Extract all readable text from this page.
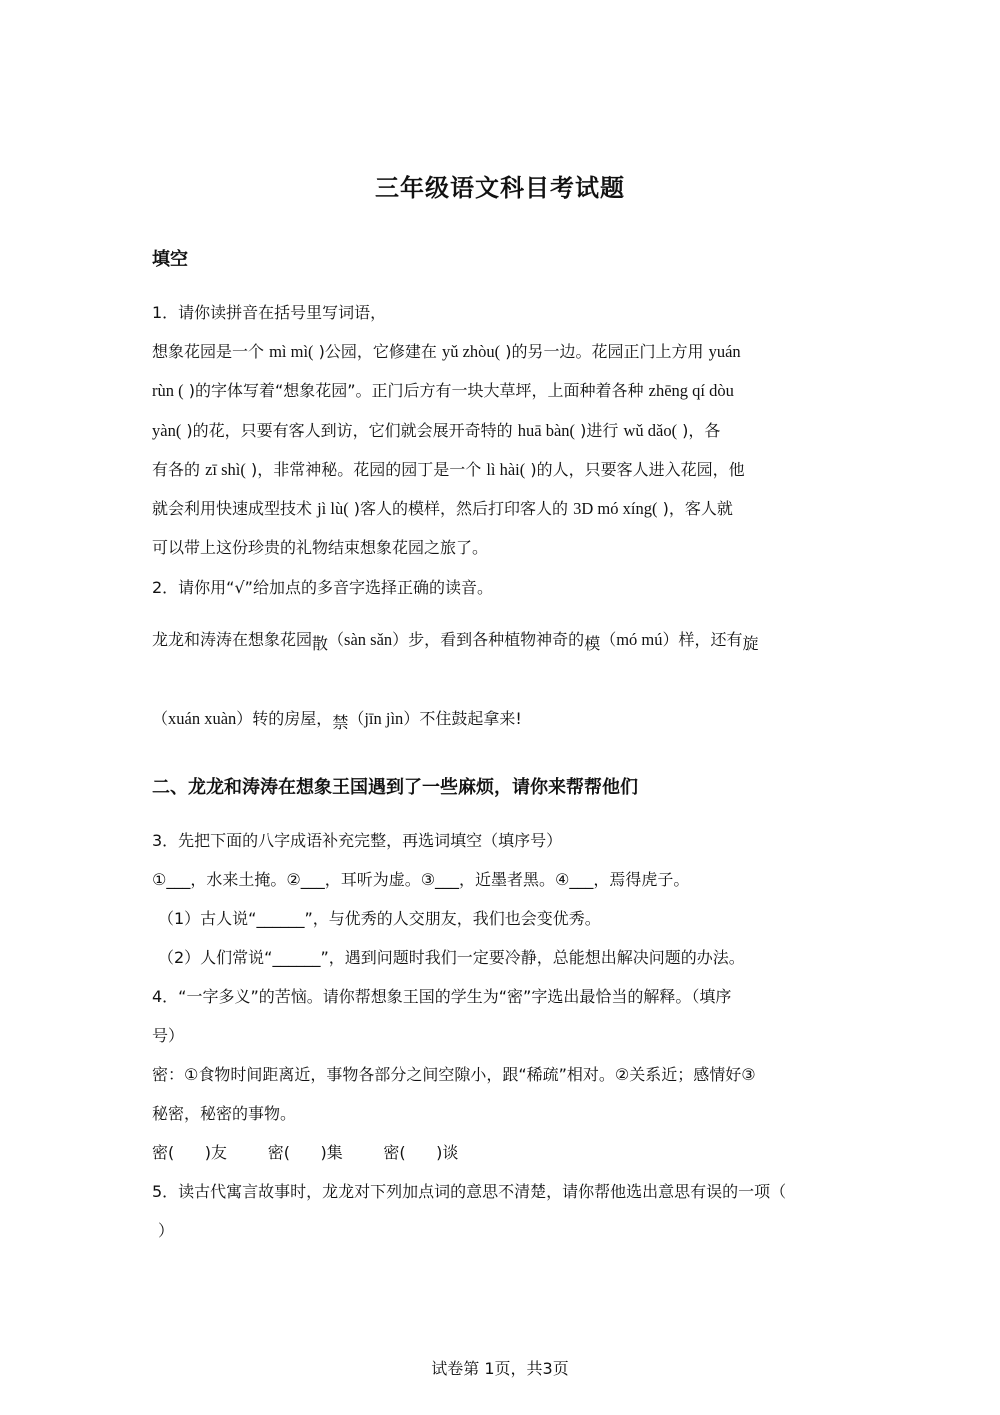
三年级语文科目考试题
填空
1．请你读拼音在括号里写词语，
想象花园是一个 mì mì( )公园，它修建在 yǔ zhòu( )的另一边。花园正门上方用 yuán
rùn ( )的字体写着“想象花园”。正门后方有一块大草坪，上面种着各种 zhēng qí dòu
yàn( )的花，只要有客人到访，它们就会展开奇特的 huā bàn( )进行 wǔ dǎo( )，各
有各的 zī shì( )，非常神秘。花园的园丁是一个 lì hài( )的人，只要客人进入花园，他
就会利用快速成型技术 jì lù( )客人的模样，然后打印客人的 3D mó xíng( )，客人就
可以带上这份珍贵的礼物结束想象花园之旅了。
2．请你用“√”给加点的多音字选择正确的读音。
龙龙和涛涛在想象花园散（sàn sǎn）步，看到各种植物神奇的模（mó mú）样，还有旋
（xuán xuàn）转的房屋，禁（jīn jìn）不住鼓起拿来!
二、龙龙和涛涛在想象王国遇到了一些麻烦，请你来帮帮他们
3．先把下面的八字成语补充完整，再选词填空（填序号）
①___，水来土掩。②___，耳听为虚。③___，近墨者黑。④___，焉得虎子。
（1）古人说“______”，与优秀的人交朋友，我们也会变优秀。
（2）人们常说“______”，遇到问题时我们一定要冷静，总能想出解决问题的办法。
4．“一字多义”的苦恼。请你帮想象王国的学生为“密”字选出最恰当的解释。（填序
号）
密：①食物时间距离近，事物各部分之间空隙小，跟“稀疏”相对。②关系近；感情好③
秘密，秘密的事物。
密(      )友        密(      )集        密(      )谈
5．读古代寓言故事时，龙龙对下列加点词的意思不清楚，请你帮他选出意思有误的一项（
）
试卷第 1页，共3页
